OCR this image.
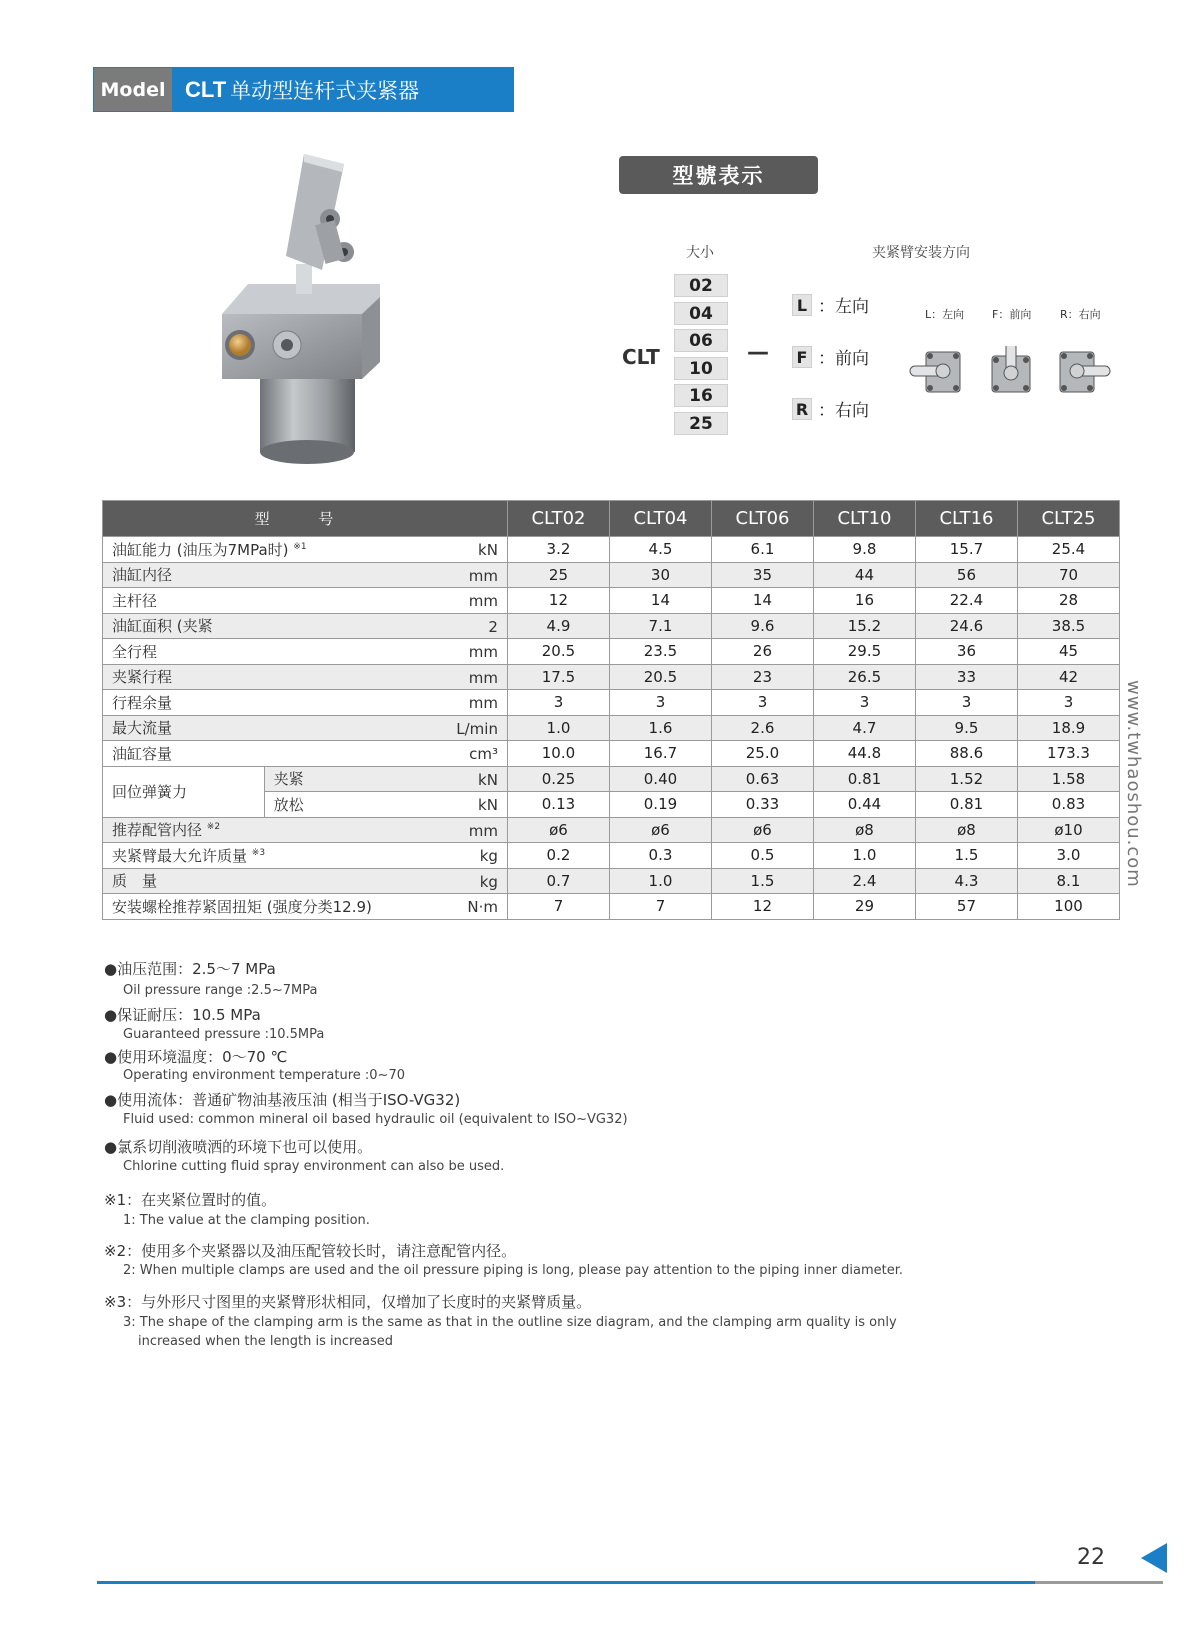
Model CLT 单动型连杆式夹紧器
型號表示
大小	夹紧臂安装方向
CLT	—
02
04
06
10
16
25
L ：左向
F ：前向
R ：右向
L：左向	F：前向	R：右向
型 号		CLT02	CLT04	CLT06	CLT10	CLT16	CLT25
油缸能力 (油压为7MPa时) $^{※1}$ kN		3.2	4.5	6.1	9.8	15.7	25.4
油缸内径 mm		25	30	35	44	56	70
主杆径 mm		12	14	14	16	22.4	28
油缸面积 (夹紧 2		4.9	7.1	9.6	15.2	24.6	38.5
全行程 mm		20.5	23.5	26	29.5	36	45
夹紧行程 mm		17.5	20.5	23	26.5	33	42
行程余量 mm		3	3	3	3	3	3
最大流量 L/min		1.0	1.6	2.6	4.7	9.5	18.9
油缸容量 cm³		10.0	16.7	25.0	44.8	88.6	173.3
回位弹簧力	夹紧 kN	0.25	0.40	0.63	0.81	1.52	1.58
	放松 kN	0.13	0.19	0.33	0.44	0.81	0.83
推荐配管内径 $^{※2}$ mm		ø6	ø6	ø6	ø8	ø8	ø10
夹紧臂最大允许质量 $^{※3}$ kg		0.2	0.3	0.5	1.0	1.5	3.0
质　量 kg		0.7	1.0	1.5	2.4	4.3	8.1
安装螺栓推荐紧固扭矩 (强度分类12.9) N·m		7	7	12	29	57	100
●油压范围：2.5～7 MPa
Oil pressure range :2.5~7MPa
●保证耐压：10.5 MPa
Guaranteed pressure :10.5MPa
●使用环境温度：0～70 ℃
Operating environment temperature :0~70
●使用流体：普通矿物油基液压油 (相当于ISO-VG32)
Fluid used: common mineral oil based hydraulic oil (equivalent to ISO~VG32)
●氯系切削液喷洒的环境下也可以使用。
Chlorine cutting fluid spray environment can also be used.
※1：在夹紧位置时的值。
1: The value at the clamping position.
※2：使用多个夹紧器以及油压配管较长时，请注意配管内径。
2: When multiple clamps are used and the oil pressure piping is long, please pay attention to the piping inner diameter.
※3：与外形尺寸图里的夹紧臂形状相同，仅增加了长度时的夹紧臂质量。
3: The shape of the clamping arm is the same as that in the outline size diagram, and the clamping arm quality is only
increased when the length is increased
www.twhaoshou.com
22
